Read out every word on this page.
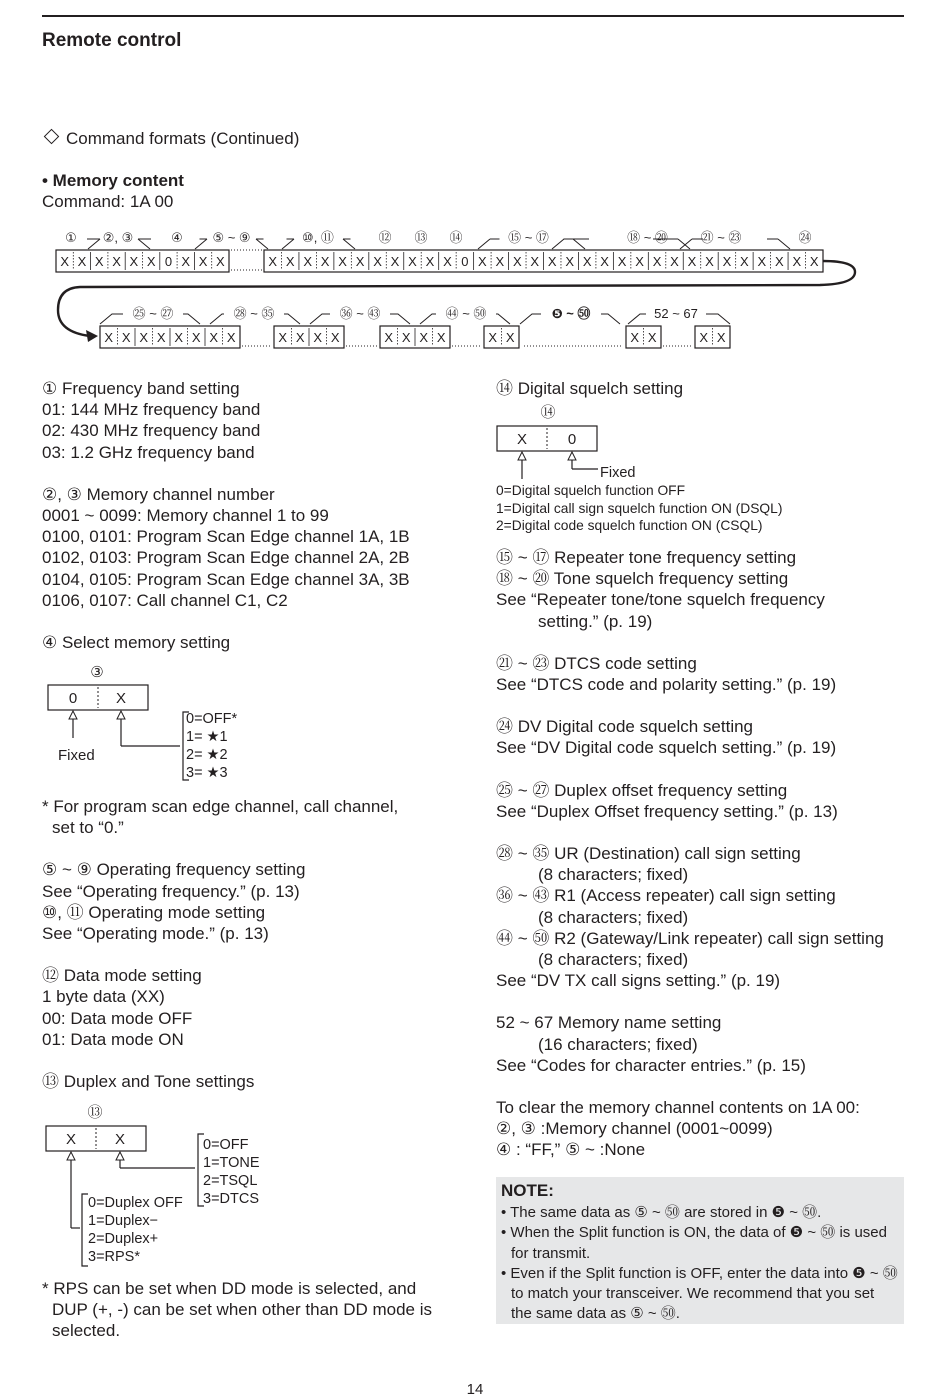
Remote control
Command formats (Continued)
• Memory content
Command: 1A 00
X X X X X X 0 X X X	X X X X X X X X X X X 0 X X X X X X X X X X X X X X X X X X X X
① ②, ③	④ ⑤ ~ ⑨	⑩, ⑪	⑫ ⑬ ⑭	⑮ ~ ⑰	⑱ ~ ⑳	㉑ ~ ㉓	㉔
X X X X X X X X	X X X X	X X X X	X X	X X	X X
㉕ ~ ㉗	㉘ ~ ㉟	㊱ ~ ㊸	㊹ ~ ㊿	❺ ~ ㊿	52 ~ 67

① Frequency band setting

01: 144 MHz frequency band

02: 430 MHz frequency band

03: 1.2 GHz frequency band

②, ③ Memory channel number

0001 ~ 0099: Memory channel 1 to 99

0100, 0101: Program Scan Edge channel 1A, 1B

0102, 0103: Program Scan Edge channel 2A, 2B

0104, 0105: Program Scan Edge channel 3A, 3B

0106, 0107: Call channel C1, C2

④ Select memory setting

③
0	X
Fixed
0=OFF*
1= ★1
2= ★2
3= ★3

* For program scan edge channel, call channel,

set to “0.”

⑤ ~ ⑨ Operating frequency setting

See “Operating frequency.” (p. 13)

⑩, ⑪ Operating mode setting

See “Operating mode.” (p. 13)

⑫ Data mode setting

1 byte data (XX)

00: Data mode OFF

01: Data mode ON

⑬ Duplex and Tone settings

⑬
X	X	0=OFF
1=TONE
2=TSQL
3=DTCS
0=Duplex OFF
1=Duplex−
2=Duplex+
3=RPS*

* RPS can be set when DD mode is selected, and

DUP (+, -) can be set when other than DD mode is

selected.

⑭ Digital squelch setting

⑭
X	0
Fixed
0=Digital squelch function OFF
1=Digital call sign squelch function ON (DSQL)
2=Digital code squelch function ON (CSQL)

⑮ ~ ⑰ Repeater tone frequency setting

⑱ ~ ⑳ Tone squelch frequency setting

See “Repeater tone/tone squelch frequency

setting.” (p. 19)

㉑ ~ ㉓ DTCS code setting

See “DTCS code and polarity setting.” (p. 19)

㉔ DV Digital code squelch setting

See “DV Digital code squelch setting.” (p. 19)

㉕ ~ ㉗ Duplex offset frequency setting

See “Duplex Offset frequency setting.” (p. 13)

㉘ ~ ㉟ UR (Destination) call sign setting

(8 characters; fixed)

㊱ ~ ㊸ R1 (Access repeater) call sign setting

(8 characters; fixed)

㊹ ~ ㊿ R2 (Gateway/Link repeater) call sign setting

(8 characters; fixed)

See “DV TX call signs setting.” (p. 19)

52 ~ 67 Memory name setting

(16 characters; fixed)

See “Codes for character entries.” (p. 15)

To clear the memory channel contents on 1A 00:

②, ③ :Memory channel (0001~0099)

④ : “FF,” ⑤ ~ :None

NOTE:
• The same data as ⑤ ~ ㊿ are stored in ❺ ~ ㊿.
• When the Split function is ON, the data of ❺ ~ ㊿ is used for transmit.
• Even if the Split function is OFF, enter the data into ❺ ~ ㊿ to match your transceiver. We recommend that you set the same data as ⑤ ~ ㊿.
14
